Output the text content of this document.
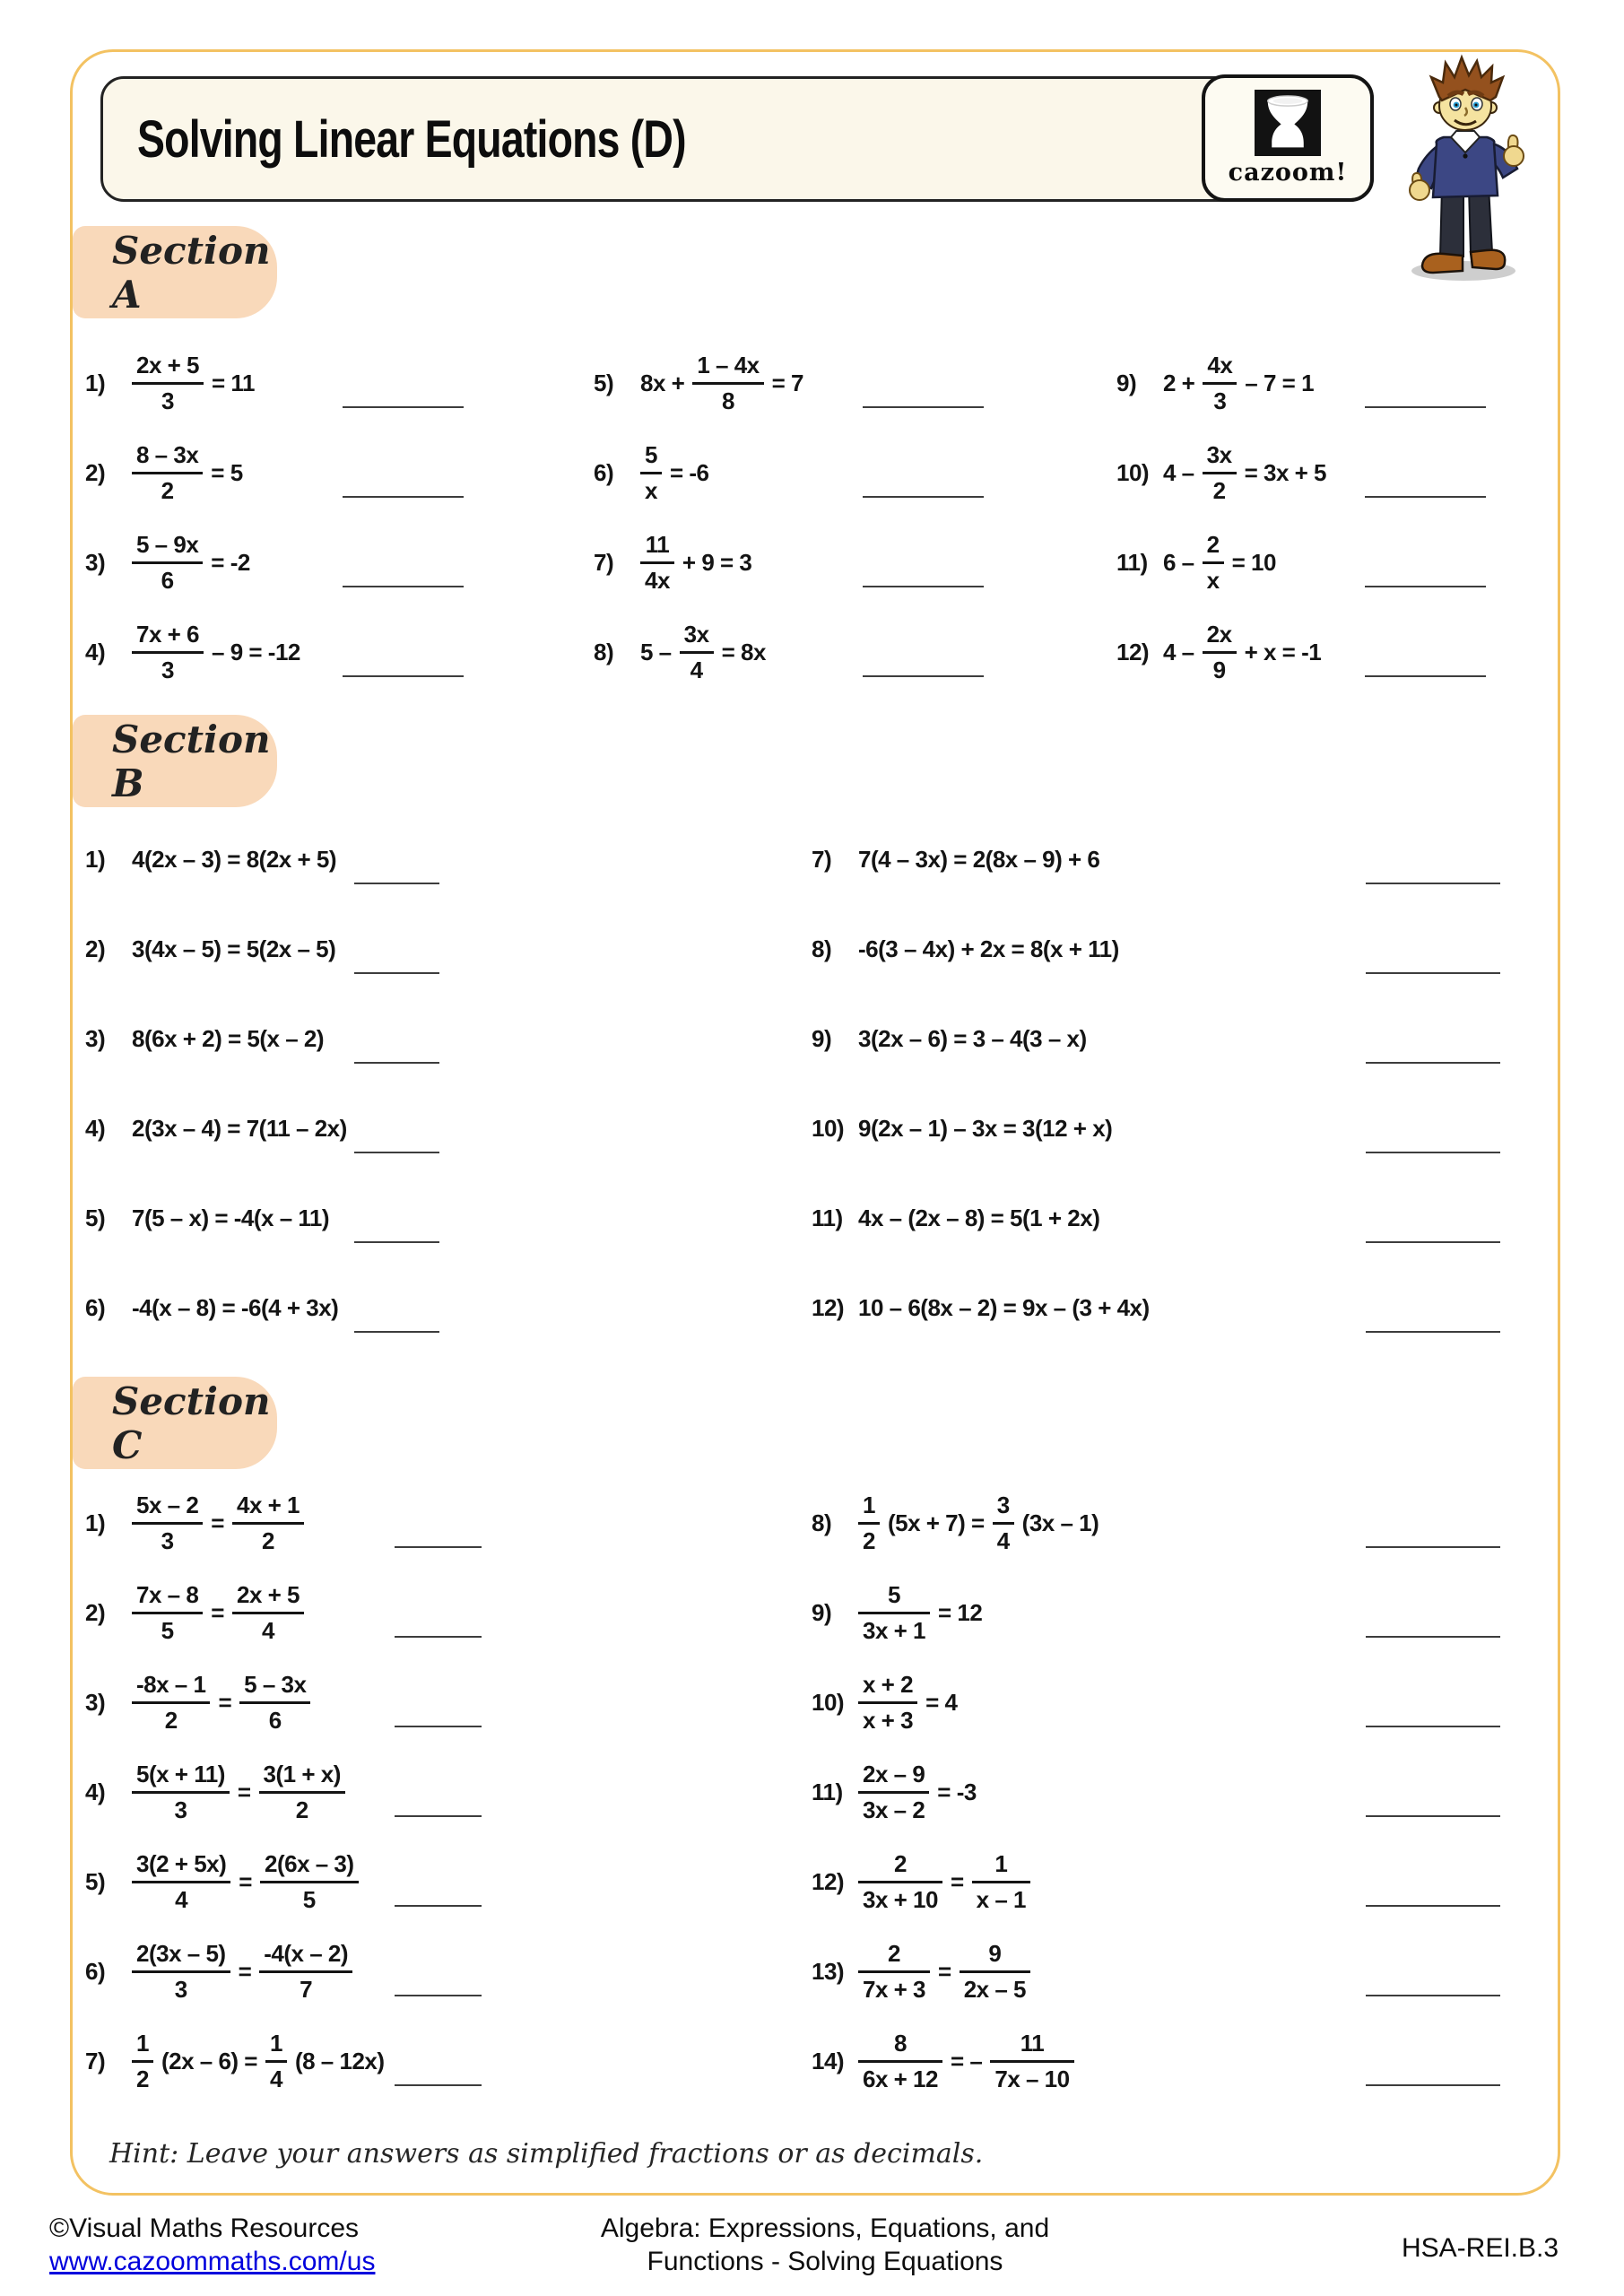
Solving Linear Equations (D)
cazoom!
Section A
1)	$\frac{2x + 5}{3} = 11$
2)	$\frac{8 - 3x}{2} = 5$
3)	$\frac{5 - 9x}{6} = -2$
4)	$\frac{7x + 6}{3} - 9 = -12$
5)	$8x + \frac{1 - 4x}{8} = 7$
6)	$\frac{5}{x} = -6$
7)	$\frac{11}{4x} + 9 = 3$
8)	$5 - \frac{3x}{4} = 8x$
9)	$2 + \frac{4x}{3} - 7 = 1$
10) $4 - \frac{3x}{2} = 3x + 5$
11) $6 - \frac{2}{x} = 10$
12) $4 - \frac{2x}{9} + x = -1$
Section B
1)	4(2x – 3) = 8(2x + 5)
2)	3(4x – 5) = 5(2x – 5)
3)	8(6x + 2) = 5(x – 2)
4)	2(3x – 4) = 7(11 – 2x)
5)	7(5 – x) = -4(x – 11)
6)	-4(x – 8) = -6(4 + 3x)
7)	7(4 – 3x) = 2(8x – 9) + 6
8)	-6(3 – 4x) + 2x = 8(x + 11)
9)	3(2x – 6) = 3 – 4(3 – x)
10) 9(2x – 1) – 3x = 3(12 + x)
11) 4x – (2x – 8) = 5(1 + 2x)
12) 10 – 6(8x – 2) = 9x – (3 + 4x)
Section C
1)	$\frac{5x - 2}{3} = \frac{4x + 1}{2}$
2)	$\frac{7x - 8}{5} = \frac{2x + 5}{4}$
3)	$\frac{-8x - 1}{2} = \frac{5 - 3x}{6}$
4)	$\frac{5(x + 11)}{3} = \frac{3(1 + x)}{2}$
5)	$\frac{3(2 + 5x)}{4} = \frac{2(6x - 3)}{5}$
6)	$\frac{2(3x - 5)}{3} = \frac{-4(x - 2)}{7}$
7)	$\frac{1}{2} (2x - 6) = \frac{1}{4} (8 - 12x)$
8)	$\frac{1}{2} (5x + 7) = \frac{3}{4} (3x - 1)$
9)	$\frac{5}{3x + 1} = 12$
$10) \frac{x + 2}{x + 3} = 4$
$11) \frac{2x - 9}{3x - 2} = -3$
$12) \frac{2}{3x + 10} = \frac{1}{x - 1}$
$13) \frac{2}{7x + 3} = \frac{9}{2x - 5}$
$14) \frac{8}{6x + 12}$ = – $\frac{11}{7x - 10}$
Hint: Leave your answers as simplified fractions or as decimals.
©Visual Maths Resources
www.cazoommaths.com/us
Algebra: Expressions, Equations, and
Functions - Solving Equations	HSA-REI.B.3
